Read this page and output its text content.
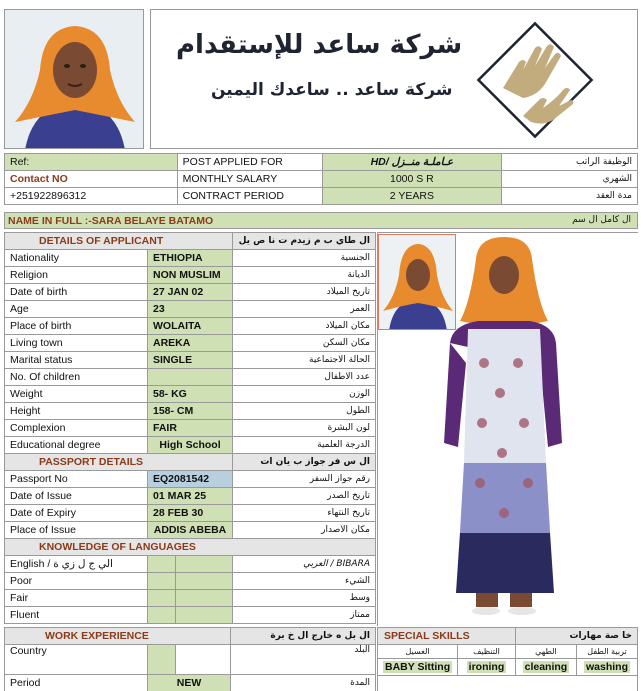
شركة ساعد للإستقدام
شركة ساعد .. ساعدك اليمين
Ref:	POST APPLIED FOR	HD/ عـاملـة منــزل	الوظيفة الراتب
Contact NO	MONTHLY SALARY	1000 S R	الشهري
+251922896312	CONTRACT PERIOD	2 YEARS	مدة العقد
NAME IN FULL :-SARA BELAYE BATAMO	ال كامل ال سم
DETAILS OF APPLICANT		ال طاي ب م زيدم ت نا ص يل
Nationality	ETHIOPIA	الجنسية
Religion	NON MUSLIM	الديانة
Date of birth	27 JAN 02	تاريخ الميلاد
Age	23	العمر
Place of birth	WOLAITA	مكان الميلاد
Living town	AREKA	مكان السكن
Marital status	SINGLE	الحالة الاجتماعية
No. Of children		عدد الاطفال
Weight	58- KG	الوزن
Height	158- CM	الطول
Complexion	FAIR	لون البشرة
Educational degree	High School	الدرجة العلمية
PASSPORT DETAILS		ال س فر جواز ب يان ات
Passport No	EQ2081542	رقم جواز السفر
Date of Issue	01 MAR 25	تاريخ الصدر
Date of Expiry	28 FEB 30	تاريخ النتهاء
Place of Issue	ADDIS ABEBA	مكان الاصدار
KNOWLEDGE OF LANGUAGES		
English / الي ج ل زي ة		BIBARA / العربي
Poor		الشيء
Fair		وسط
Fluent		ممتاز
WORK EXPERIENCE			ال بل ه خارج ال خ برة
Country			البلد
Period	NEW		المدة
SPECIAL SKILLS		خا صة مهارات	
الغسيل	التنظيف	الطهي	تربية الطفل
BABY Sitting	ironing	cleaning	washing
